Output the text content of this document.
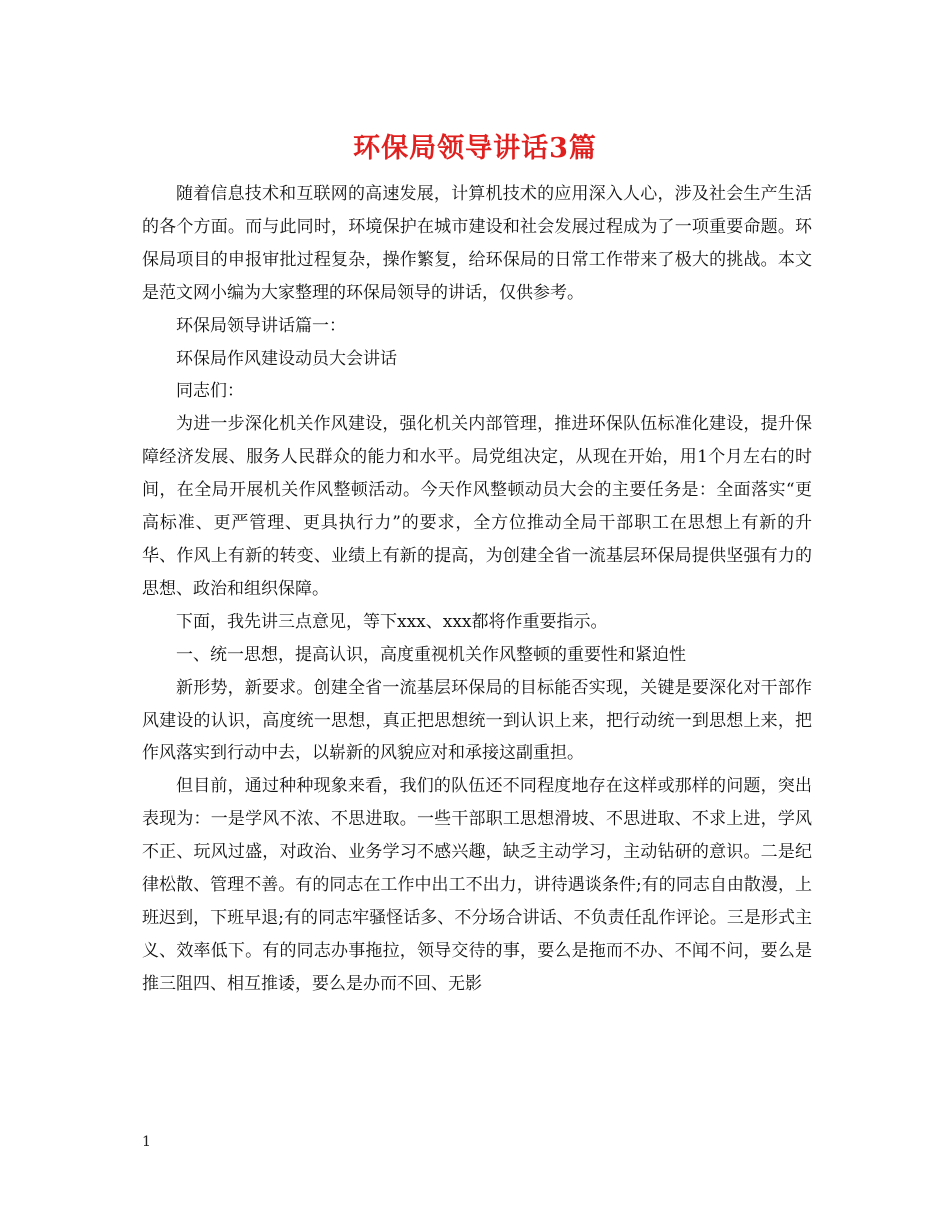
环保局领导讲话3篇

随着信息技术和互联网的高速发展，计算机技术的应用深入人心，涉及社会生产生活的各个方面。而与此同时，环境保护在城市建设和社会发展过程成为了一项重要命题。环保局项目的申报审批过程复杂，操作繁复，给环保局的日常工作带来了极大的挑战。本文是范文网小编为大家整理的环保局领导的讲话，仅供参考。

环保局领导讲话篇一：

环保局作风建设动员大会讲话

同志们：

为进一步深化机关作风建设，强化机关内部管理，推进环保队伍标准化建设，提升保障经济发展、服务人民群众的能力和水平。局党组决定，从现在开始，用1个月左右的时间，在全局开展机关作风整顿活动。今天作风整顿动员大会的主要任务是：全面落实“更高标准、更严管理、更具执行力”的要求，全方位推动全局干部职工在思想上有新的升华、作风上有新的转变、业绩上有新的提高，为创建全省一流基层环保局提供坚强有力的思想、政治和组织保障。

下面，我先讲三点意见，等下xxx、xxx都将作重要指示。

一、统一思想，提高认识，高度重视机关作风整顿的重要性和紧迫性

新形势，新要求。创建全省一流基层环保局的目标能否实现，关键是要深化对干部作风建设的认识，高度统一思想，真正把思想统一到认识上来，把行动统一到思想上来，把作风落实到行动中去，以崭新的风貌应对和承接这副重担。

但目前，通过种种现象来看，我们的队伍还不同程度地存在这样或那样的问题，突出表现为：一是学风不浓、不思进取。一些干部职工思想滑坡、不思进取、不求上进，学风不正、玩风过盛，对政治、业务学习不感兴趣，缺乏主动学习，主动钻研的意识。二是纪律松散、管理不善。有的同志在工作中出工不出力，讲待遇谈条件;有的同志自由散漫，上班迟到，下班早退;有的同志牢骚怪话多、不分场合讲话、不负责任乱作评论。三是形式主义、效率低下。有的同志办事拖拉，领导交待的事，要么是拖而不办、不闻不问，要么是推三阻四、相互推诿，要么是办而不回、无影

1
